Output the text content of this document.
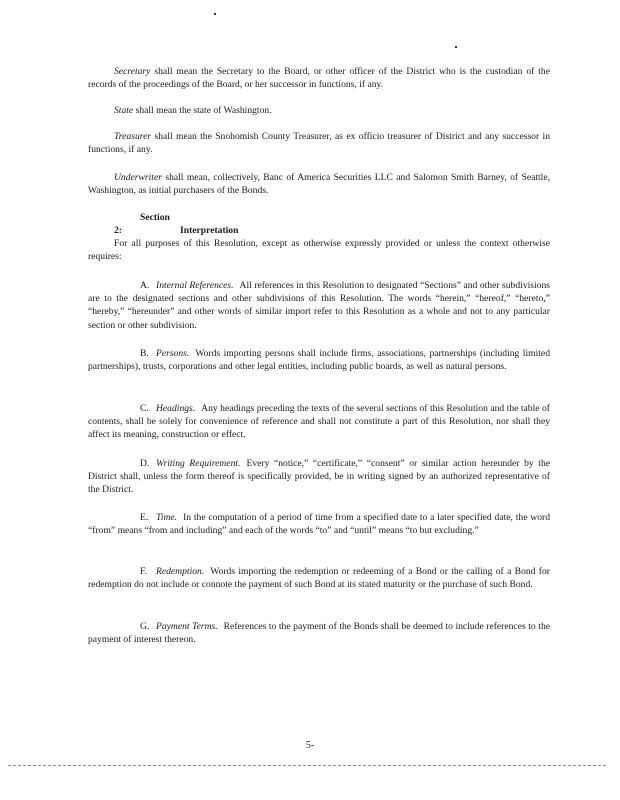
Secretary shall mean the Secretary to the Board, or other officer of the District who is the custodian of the records of the proceedings of the Board, or her successor in functions, if any.
State shall mean the state of Washington.
Treasurer shall mean the Snohomish County Treasurer, as ex officio treasurer of District and any successor in functions, if any.
Underwriter shall mean, collectively, Banc of America Securities LLC and Salomon Smith Barney, of Seattle, Washington, as initial purchasers of the Bonds.
Section 2:	Interpretation
For all purposes of this Resolution, except as otherwise expressly provided or unless the context otherwise requires:
A. Internal References. All references in this Resolution to designated “Sections” and other subdivisions are to the designated sections and other subdivisions of this Resolution. The words “herein,” “hereof,” “hereto,” “hereby,” “hereunder” and other words of similar import refer to this Resolution as a whole and not to any particular section or other subdivision.
B. Persons. Words importing persons shall include firms, associations, partnerships (including limited partnerships), trusts, corporations and other legal entities, including public boards, as well as natural persons.
C. Headings. Any headings preceding the texts of the several sections of this Resolution and the table of contents, shall be solely for convenience of reference and shall not constitute a part of this Resolution, nor shall they affect its meaning, construction or effect.
D. Writing Requirement. Every “notice,” “certificate,” “consent” or similar action hereunder by the District shall, unless the form thereof is specifically provided, be in writing signed by an authorized representative of the District.
E. Time. In the computation of a period of time from a specified date to a later specified date, the word “from” means “from and including” and each of the words “to” and “until” means “to but excluding.”
F. Redemption. Words importing the redemption or redeeming of a Bond or the calling of a Bond for redemption do not include or connote the payment of such Bond at its stated maturity or the purchase of such Bond.
G. Payment Terms. References to the payment of the Bonds shall be deemed to include references to the payment of interest thereon.
5-
